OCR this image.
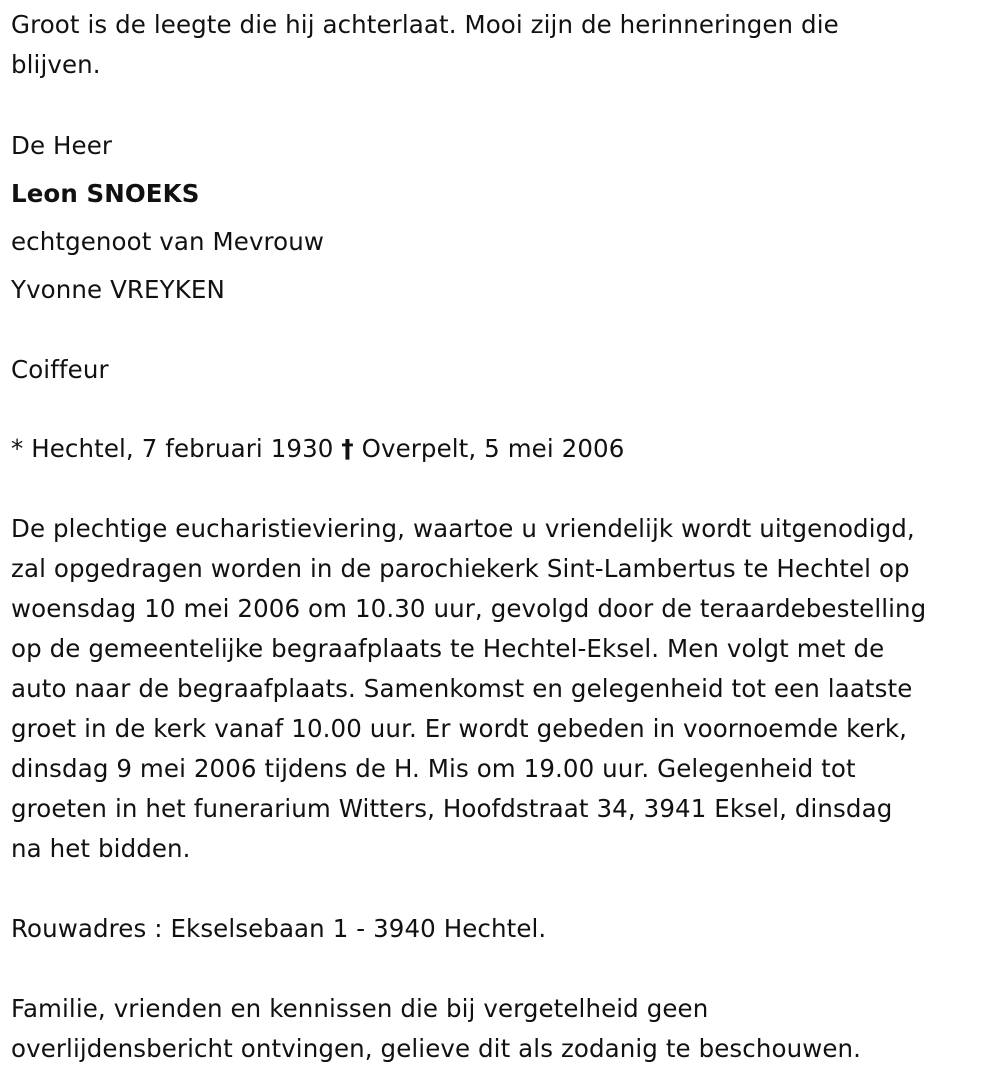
Groot is de leegte die hij achterlaat. Mooi zijn de herinneringen die
blijven.
De Heer
Leon SNOEKS
echtgenoot van Mevrouw
Yvonne VREYKEN
Coiffeur
* Hechtel, 7 februari 1930 † Overpelt, 5 mei 2006
De plechtige eucharistieviering, waartoe u vriendelijk wordt uitgenodigd,
zal opgedragen worden in de parochiekerk Sint-Lambertus te Hechtel op
woensdag 10 mei 2006 om 10.30 uur, gevolgd door de teraardebestelling
op de gemeentelijke begraafplaats te Hechtel-Eksel. Men volgt met de
auto naar de begraafplaats. Samenkomst en gelegenheid tot een laatste
groet in de kerk vanaf 10.00 uur. Er wordt gebeden in voornoemde kerk,
dinsdag 9 mei 2006 tijdens de H. Mis om 19.00 uur. Gelegenheid tot
groeten in het funerarium Witters, Hoofdstraat 34, 3941 Eksel, dinsdag
na het bidden.
Rouwadres : Ekselsebaan 1 - 3940 Hechtel.
Familie, vrienden en kennissen die bij vergetelheid geen
overlijdensbericht ontvingen, gelieve dit als zodanig te beschouwen.
